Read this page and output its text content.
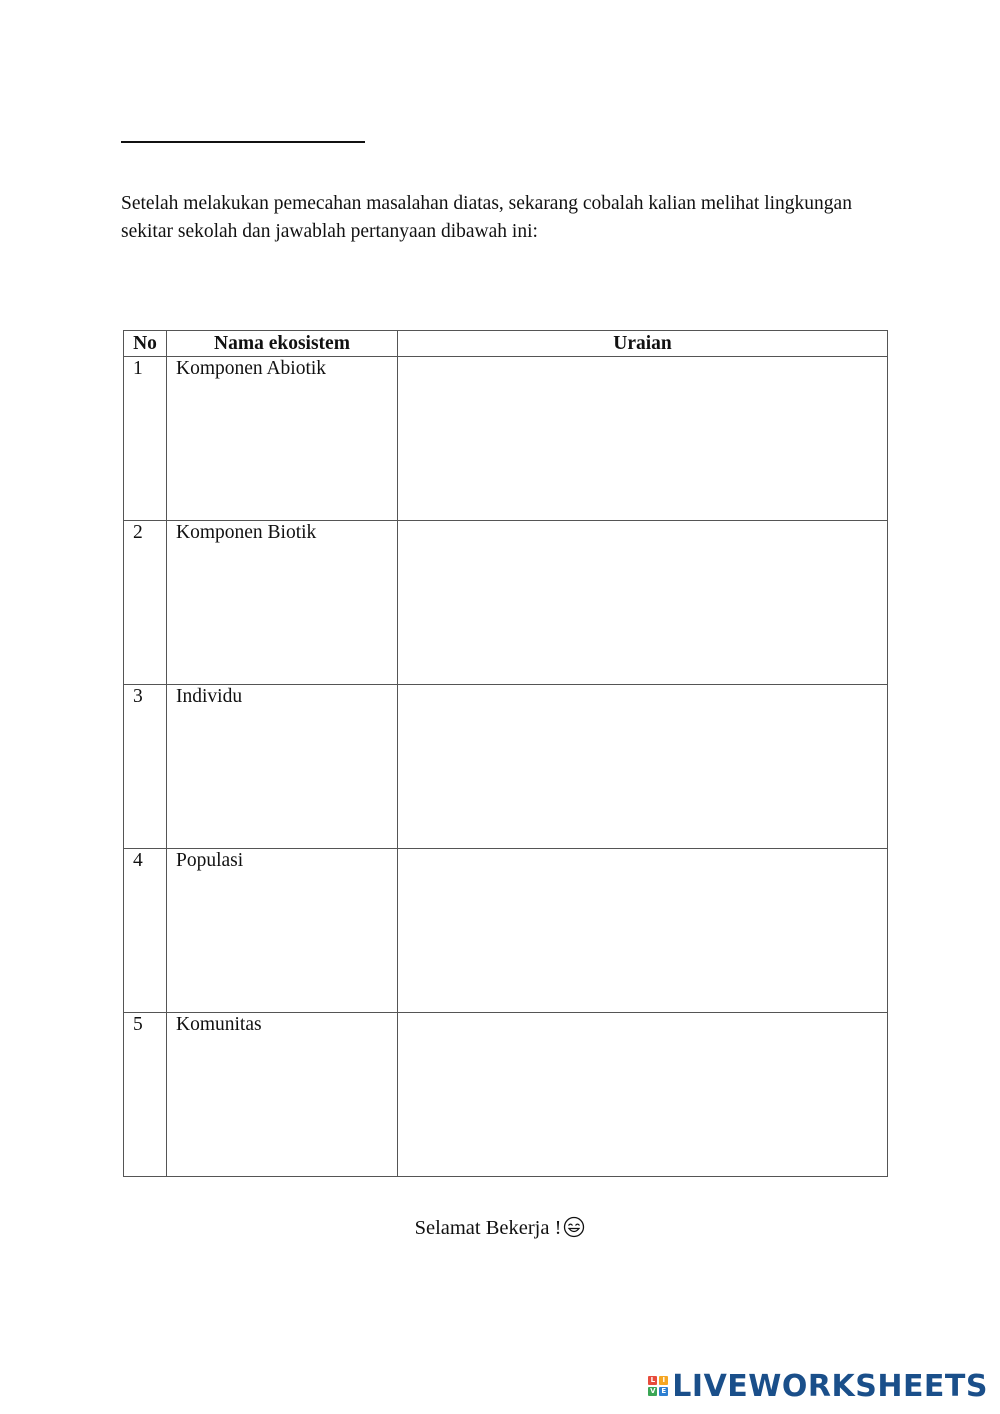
Setelah melakukan pemecahan masalahan diatas, sekarang cobalah kalian melihat lingkungan sekitar sekolah dan jawablah pertanyaan dibawah ini:

No	Nama ekosistem	Uraian
1	Komponen Abiotik	
2	Komponen Biotik	
3	Individu	
4	Populasi	
5	Komunitas	
Selamat Bekerja !
L	I
V E LIVEWORKSHEETS
